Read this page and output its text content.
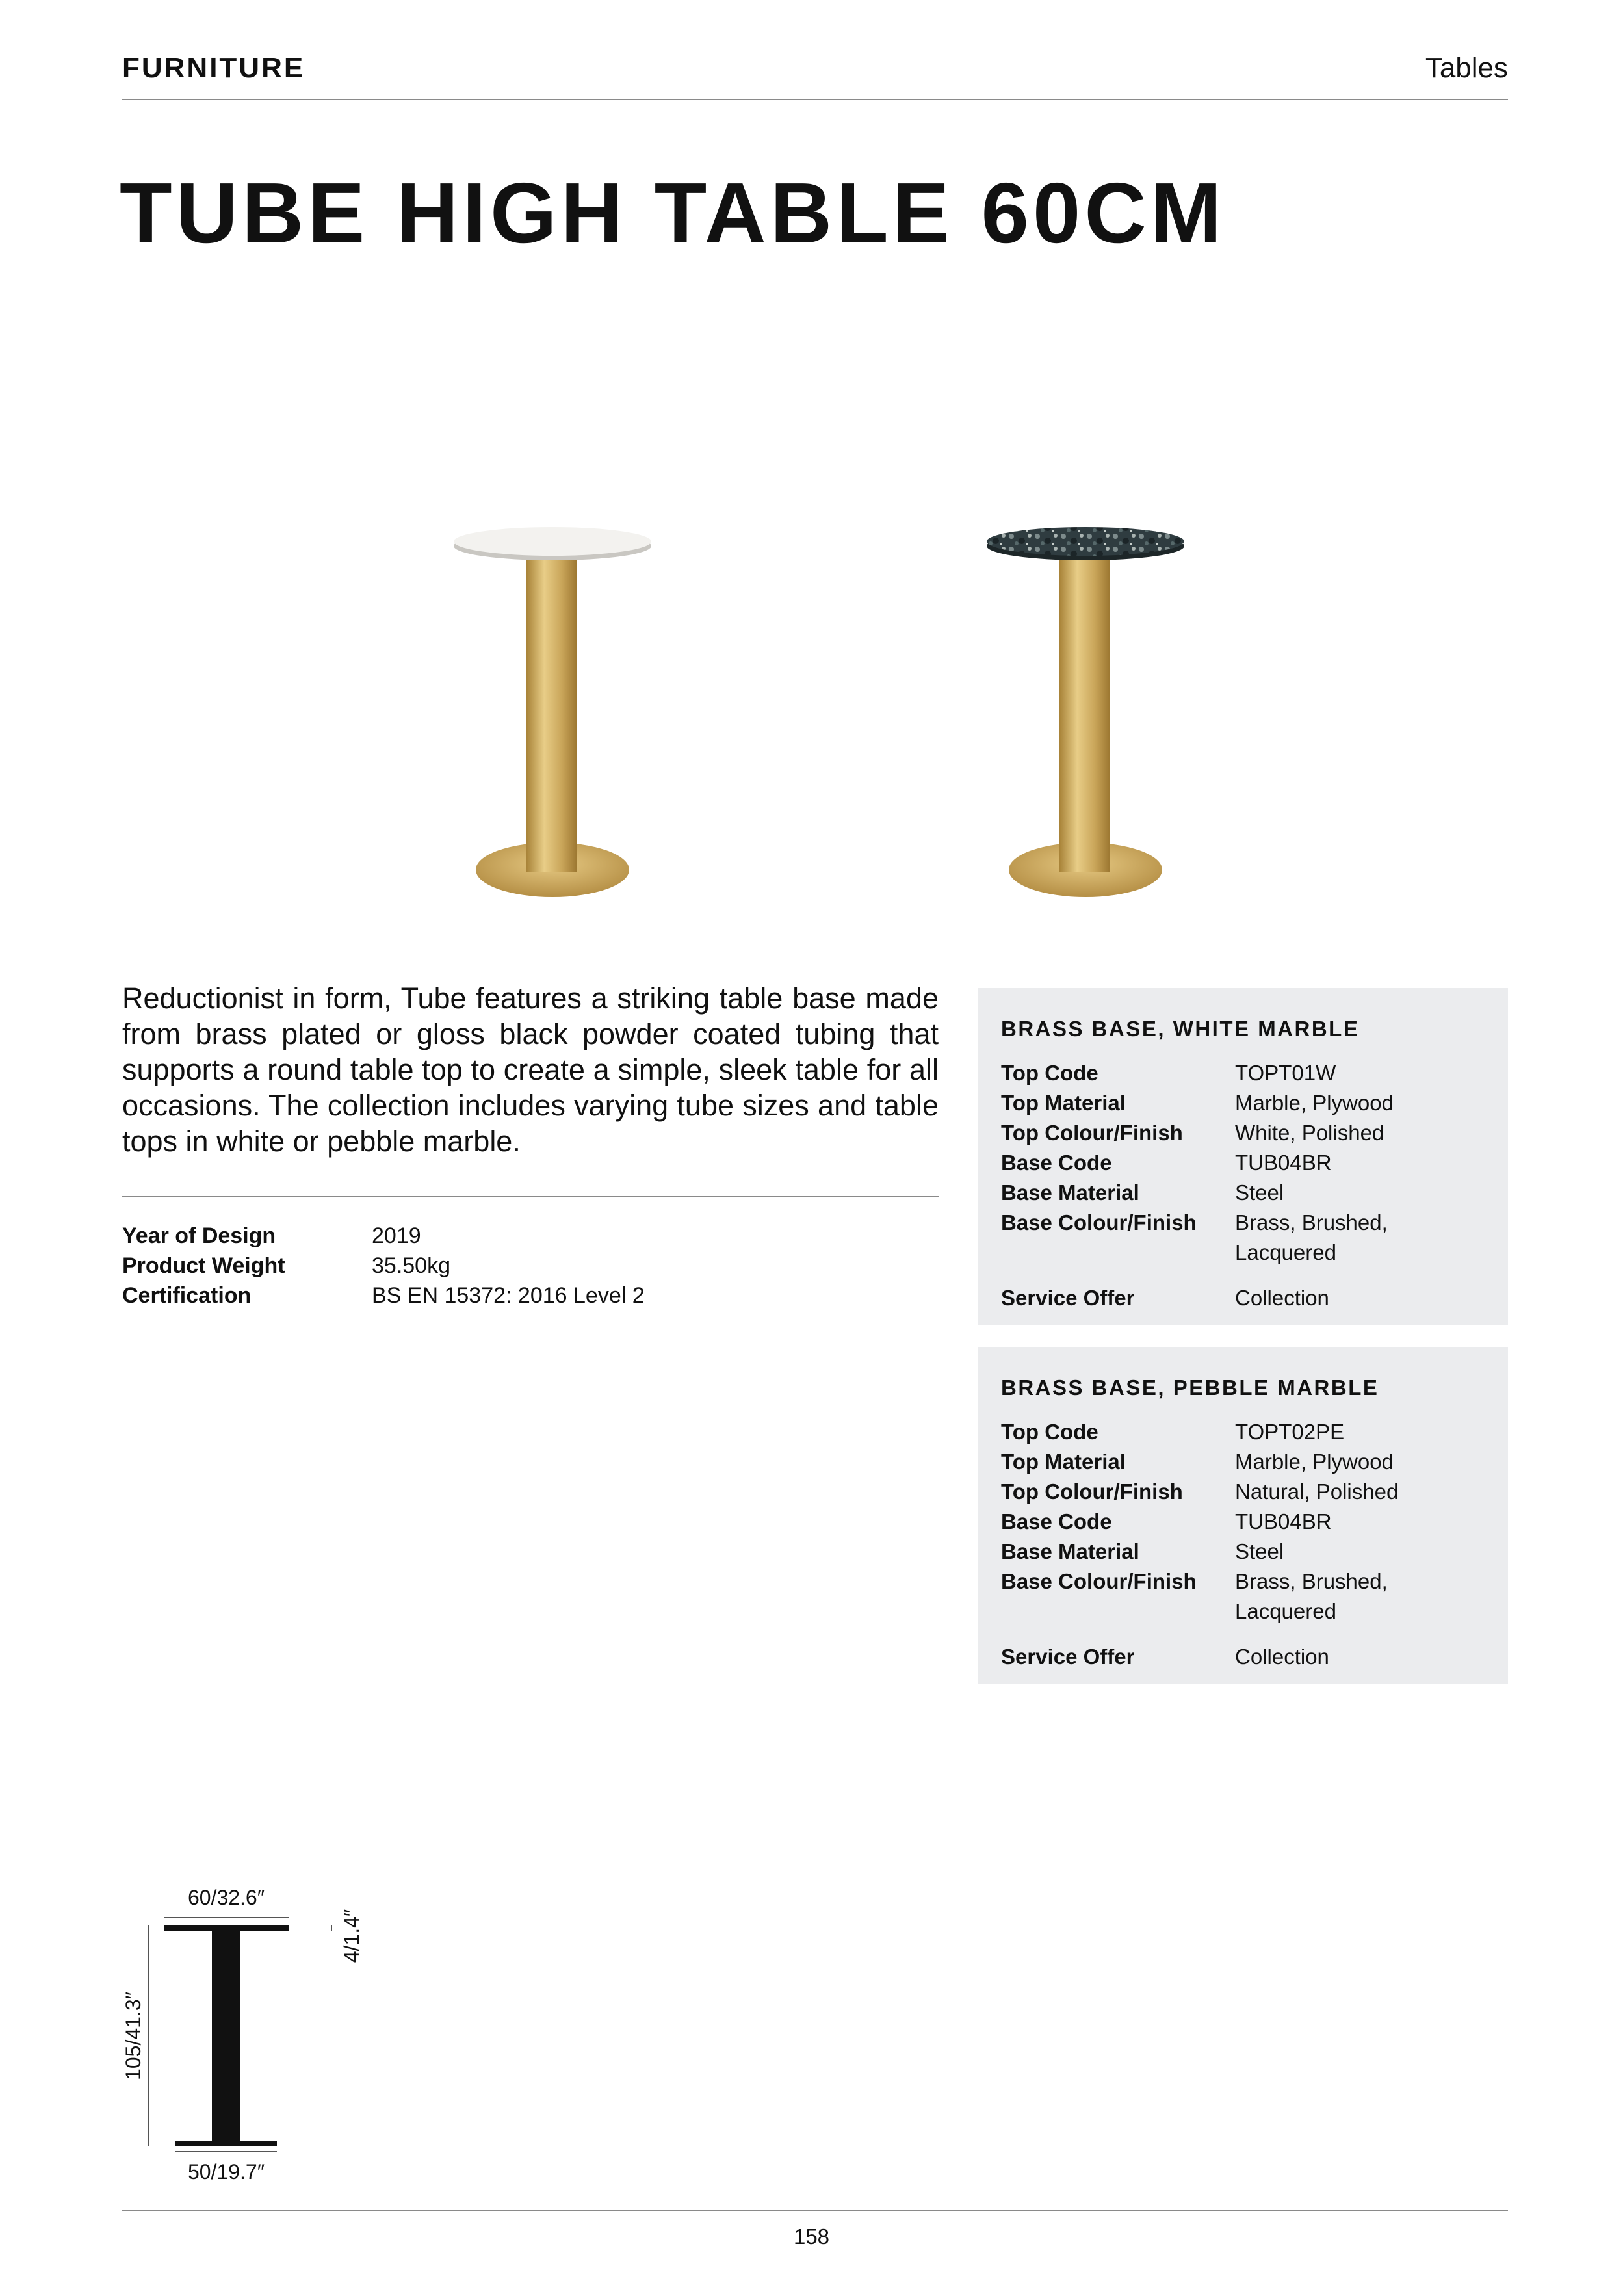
FURNITURE	Tables
TUBE HIGH TABLE 60CM

Reductionist in form, Tube features a striking table base made from brass plated or gloss black powder coated tubing that supports a round table top to create a simple, sleek table for all occasions. The collection includes varying tube sizes and table tops in white or pebble marble.

Year of Design	2019
Product Weight	35.50kg
Certification	BS EN 15372: 2016 Level 2
BRASS BASE, WHITE MARBLE
Top Code	TOPT01W
Top Material	Marble, Plywood
Top Colour/Finish	White, Polished
Base Code	TUB04BR
Base Material	Steel
Base Colour/Finish	Brass, Brushed, Lacquered
Service Offer	Collection
BRASS BASE, PEBBLE MARBLE
Top Code	TOPT02PE
Top Material	Marble, Plywood
Top Colour/Finish	Natural, Polished
Base Code	TUB04BR
Base Material	Steel
Base Colour/Finish	Brass, Brushed, Lacquered
Service Offer	Collection
60/32.6″
50/19.7″
105/41.3″
4/1.4″
158
